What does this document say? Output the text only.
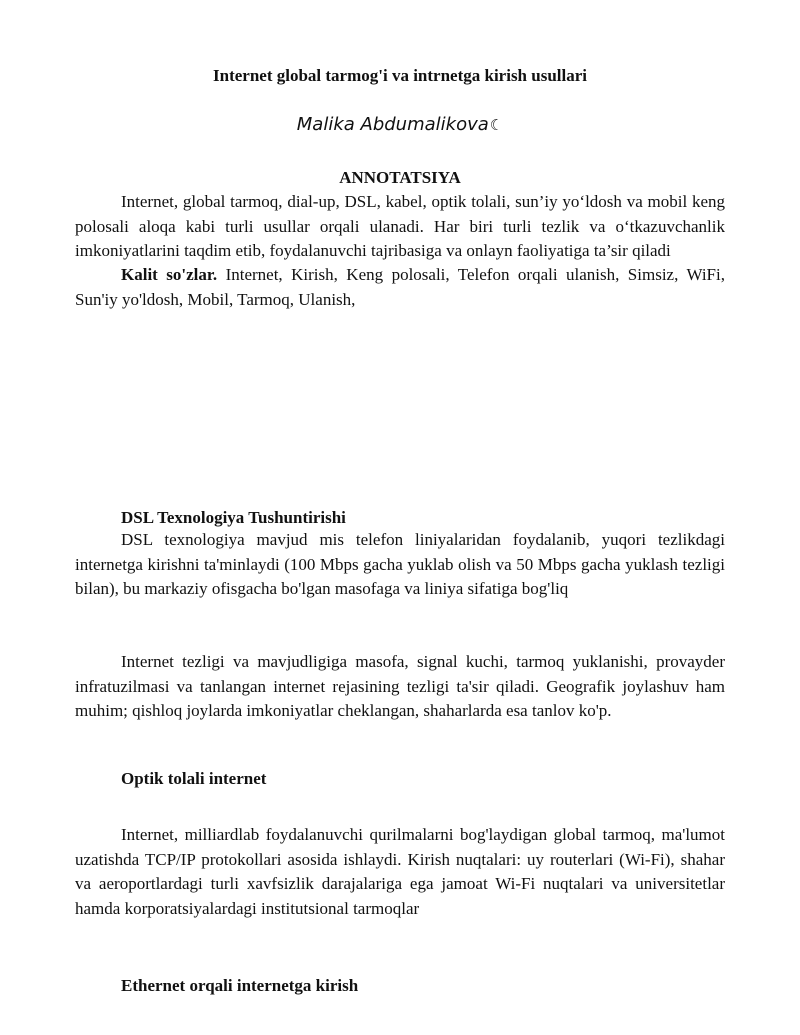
Internet global tarmog'i va intrnetga kirish usullari
Malika Abdumalikova☾
ANNOTATSIYA

Internet, global tarmoq, dial-up, DSL, kabel, optik tolali, sun’iy yo‘ldosh va mobil keng polosali aloqa kabi turli usullar orqali ulanadi. Har biri turli tezlik va o‘tkazuvchanlik imkoniyatlarini taqdim etib, foydalanuvchi tajribasiga va onlayn faoliyatiga ta’sir qiladi

Kalit so'zlar. Internet, Kirish, Keng polosali, Telefon orqali ulanish, Simsiz, WiFi, Sun'iy yo'ldosh, Mobil, Tarmoq, Ulanish,

DSL Texnologiya Tushuntirishi

DSL texnologiya mavjud mis telefon liniyalaridan foydalanib, yuqori tezlikdagi internetga kirishni ta'minlaydi (100 Mbps gacha yuklab olish va 50 Mbps gacha yuklash tezligi bilan), bu markaziy ofisgacha bo'lgan masofaga va liniya sifatiga bog'liq

Internet tezligi va mavjudligiga masofa, signal kuchi, tarmoq yuklanishi, provayder infratuzilmasi va tanlangan internet rejasining tezligi ta'sir qiladi. Geografik joylashuv ham muhim; qishloq joylarda imkoniyatlar cheklangan, shaharlarda esa tanlov ko'p.

Optik tolali internet

Internet, milliardlab foydalanuvchi qurilmalarni bog'laydigan global tarmoq, ma'lumot uzatishda TCP/IP protokollari asosida ishlaydi. Kirish nuqtalari: uy routerlari (Wi-Fi), shahar va aeroportlardagi turli xavfsizlik darajalariga ega jamoat Wi-Fi nuqtalari va universitetlar hamda korporatsiyalardagi institutsional tarmoqlar

Ethernet orqali internetga kirish
